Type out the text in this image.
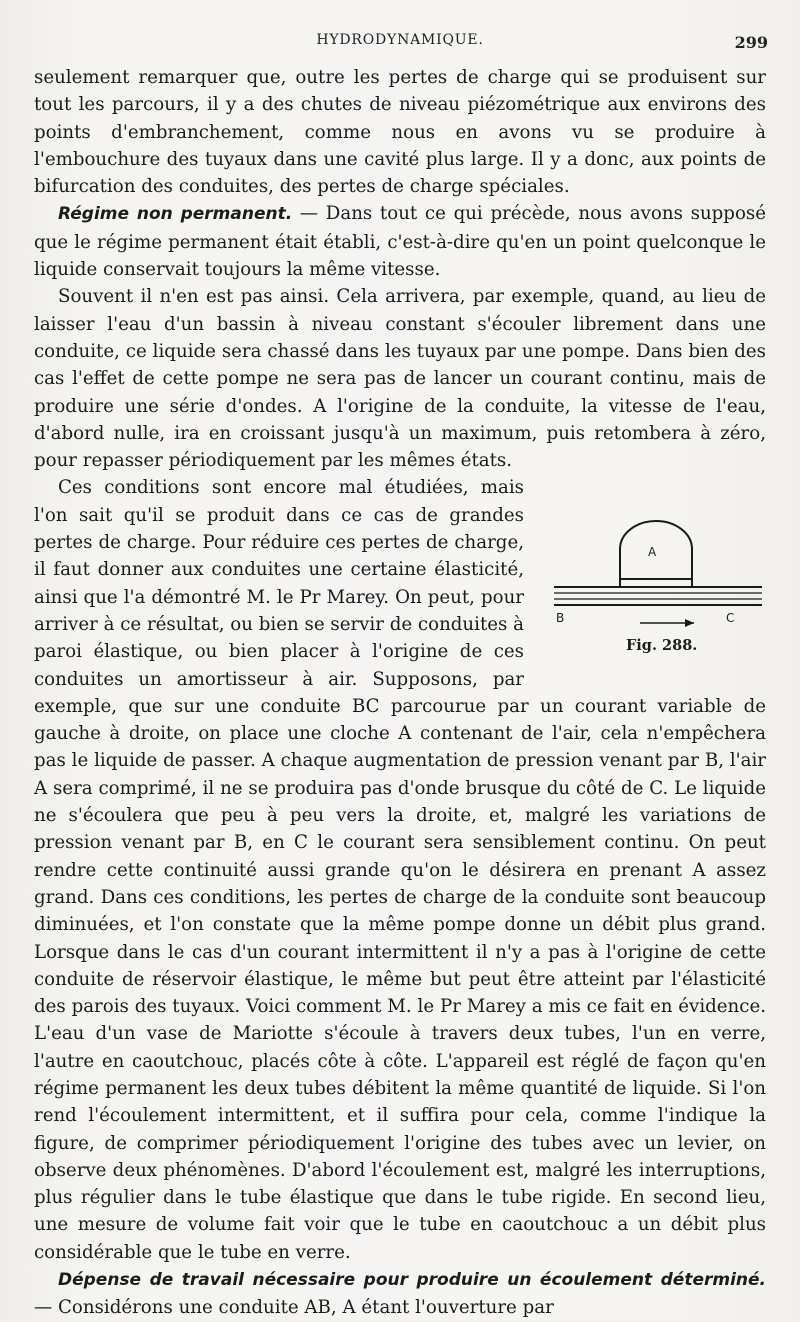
HYDRODYNAMIQUE.	299

seulement remarquer que, outre les pertes de charge qui se produisent sur tout les parcours, il y a des chutes de niveau piézométrique aux environs des points d'embranchement, comme nous en avons vu se produire à l'embouchure des tuyaux dans une cavité plus large. Il y a donc, aux points de bifurcation des conduites, des pertes de charge spéciales.

Régime non permanent. — Dans tout ce qui précède, nous avons supposé que le régime permanent était établi, c'est-à-dire qu'en un point quelconque le liquide conservait toujours la même vitesse.

Souvent il n'en est pas ainsi. Cela arrivera, par exemple, quand, au lieu de laisser l'eau d'un bassin à niveau constant s'écouler librement dans une conduite, ce liquide sera chassé dans les tuyaux par une pompe. Dans bien des cas l'effet de cette pompe ne sera pas de lancer un courant continu, mais de produire une série d'ondes. A l'origine de la conduite, la vitesse de l'eau, d'abord nulle, ira en croissant jusqu'à un maximum, puis retombera à zéro, pour repasser périodiquement par les mêmes états.

Ces conditions sont encore mal étudiées, mais l'on sait qu'il se produit dans ce cas de grandes pertes de charge. Pour réduire ces pertes de charge, il faut donner aux conduites une certaine élasticité, ainsi que l'a démontré M. le Pr Marey. On peut, pour arriver à ce résultat, ou bien se servir de conduites à paroi élastique, ou bien placer à l'origine de ces conduites un amortisseur à air. Supposons, par exemple, que sur une conduite BC parcourue par un courant variable de gauche à droite, on place une cloche A contenant de l'air, cela n'empêchera pas le liquide de passer. A chaque augmentation de pression venant par B, l'air A sera comprimé, il ne se produira pas d'onde brusque du côté de C. Le liquide ne s'écoulera que peu à peu vers la droite, et, malgré les variations de pression venant par B, en C le courant sera sensiblement continu. On peut rendre cette continuité aussi grande qu'on le désirera en prenant A assez grand. Dans ces conditions, les pertes de charge de la conduite sont beaucoup diminuées, et l'on constate que la même pompe donne un débit plus grand. Lorsque dans le cas d'un courant intermittent il n'y a pas à l'origine de cette conduite de réservoir élastique, le même but peut être atteint par l'élasticité des parois des tuyaux. Voici comment M. le Pr Marey a mis ce fait en évidence. L'eau d'un vase de Mariotte s'écoule à travers deux tubes, l'un en verre, l'autre en caoutchouc, placés côte à côte. L'appareil est réglé de façon qu'en régime permanent les deux tubes débitent la même quantité de liquide. Si l'on rend l'écoulement intermittent, et il suffira pour cela, comme l'indique la figure, de comprimer périodiquement l'origine des tubes avec un levier, on observe deux phénomènes. D'abord l'écoulement est, malgré les interruptions, plus régulier dans le tube élastique que dans le tube rigide. En second lieu, une mesure de volume fait voir que le tube en caoutchouc a un débit plus considérable que le tube en verre.

Dépense de travail nécessaire pour produire un écoulement déterminé. — Considérons une conduite AB, A étant l'ouverture par

A
B	C
Fig. 288.
